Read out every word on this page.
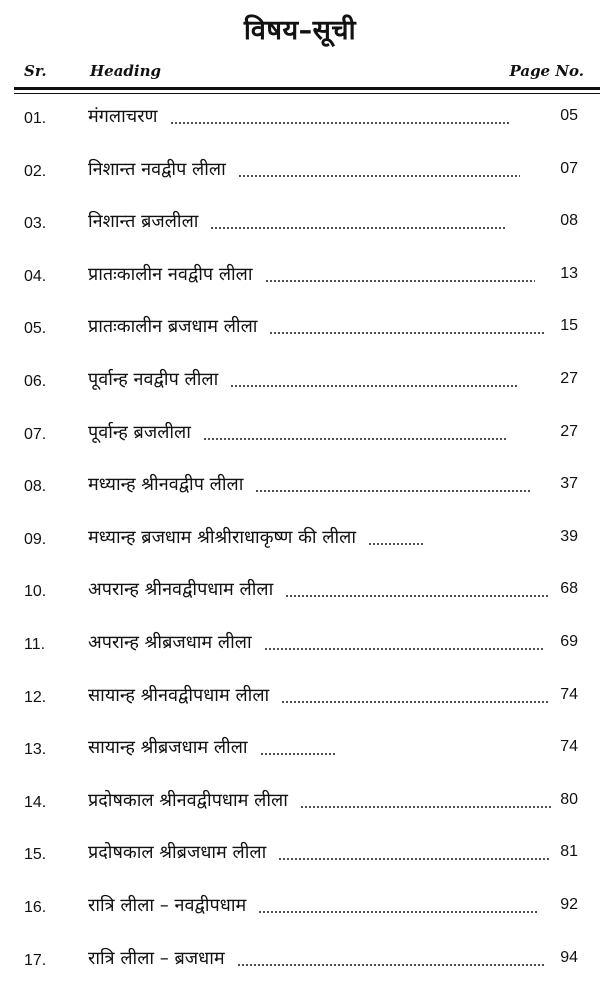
विषय–सूची
Sr.	Heading	Page No.
01. मंगलाचरण	05
02. निशान्त नवद्वीप लीला	07
03. निशान्त ब्रजलीला	08
04. प्रातःकालीन नवद्वीप लीला	13
05. प्रातःकालीन ब्रजधाम लीला	15
06. पूर्वान्ह नवद्वीप लीला	27
07. पूर्वान्ह ब्रजलीला	27
08. मध्यान्ह श्रीनवद्वीप लीला	37
09. मध्यान्ह ब्रजधाम श्रीश्रीराधाकृष्ण की लीला	39
10. अपरान्ह श्रीनवद्वीपधाम लीला	68
11. अपरान्ह श्रीब्रजधाम लीला	69
12. सायान्ह श्रीनवद्वीपधाम लीला	74
13. सायान्ह श्रीब्रजधाम लीला	74
14. प्रदोषकाल श्रीनवद्वीपधाम लीला	80
15. प्रदोषकाल श्रीब्रजधाम लीला	81
16. रात्रि लीला – नवद्वीपधाम	92
17. रात्रि लीला – ब्रजधाम	94
